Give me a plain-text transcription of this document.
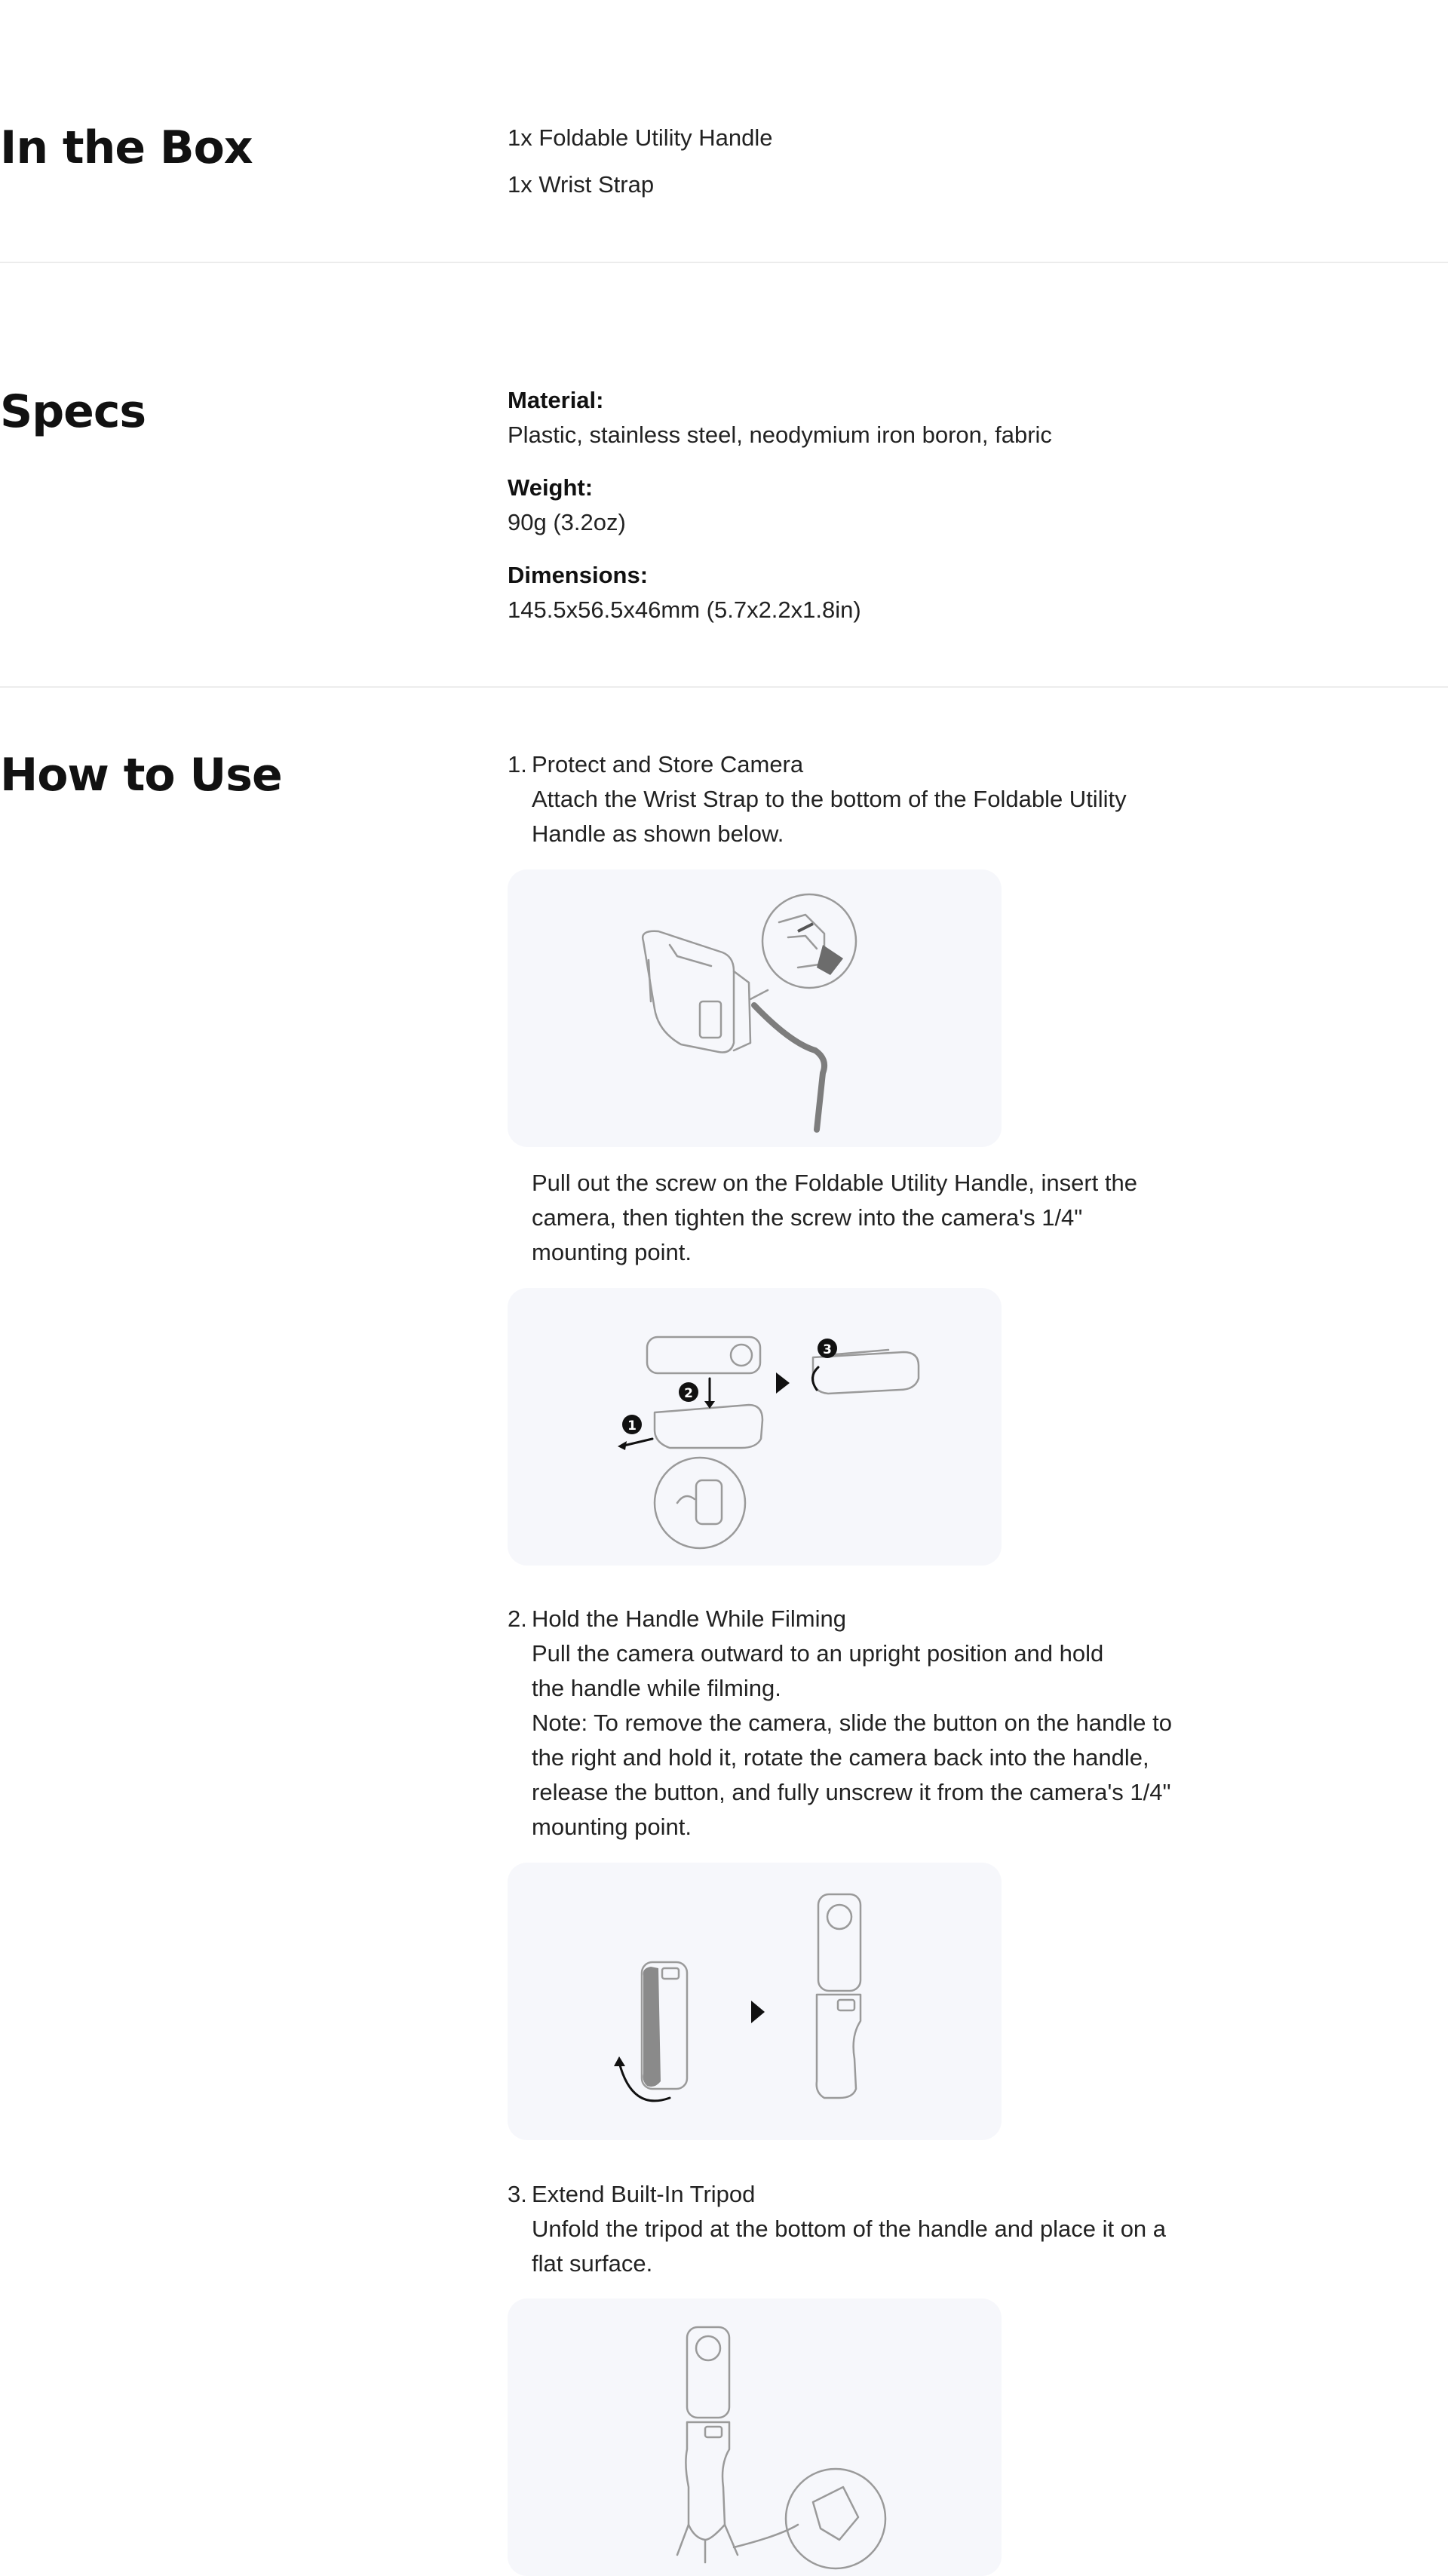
In the Box	1x Foldable Utility Handle

1x Wrist Strap

Specs	Material:

Plastic, stainless steel, neodymium iron boron, fabric

Weight:

90g (3.2oz)

Dimensions:

145.5x56.5x46mm (5.7x2.2x1.8in)

How to Use	1. Protect and Store Camera
Attach the Wrist Strap to the bottom of the Foldable Utility
Handle as shown below.
Pull out the screw on the Foldable Utility Handle, insert the
camera, then tighten the screw into the camera's 1/4"
mounting point.
1
2
3
2. Hold the Handle While Filming
Pull the camera outward to an upright position and hold
the handle while filming.
Note: To remove the camera, slide the button on the handle to
the right and hold it, rotate the camera back into the handle,
release the button, and fully unscrew it from the camera's 1/4"
mounting point.
3. Extend Built-In Tripod
Unfold the tripod at the bottom of the handle and place it on a
flat surface.
